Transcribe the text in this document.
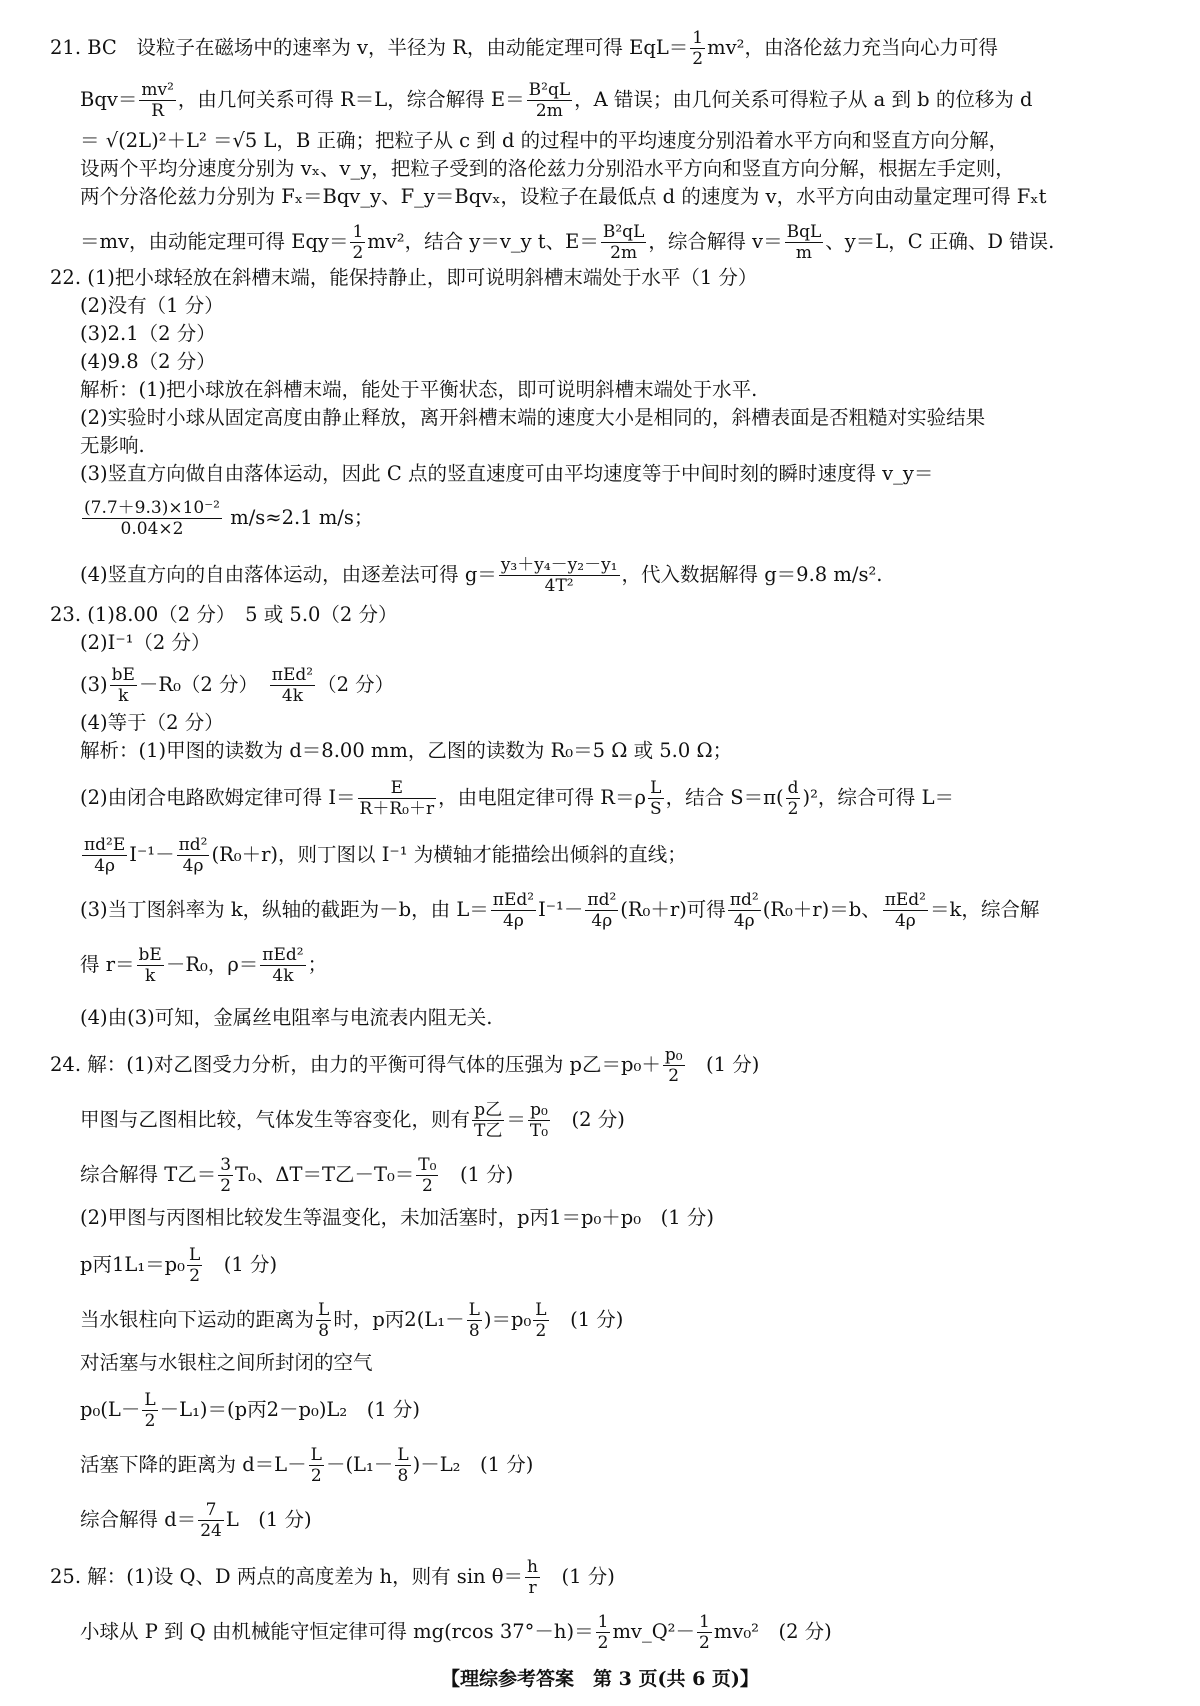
21. BC　设粒子在磁场中的速率为 v，半径为 R，由动能定理可得 $EqL= \frac{1}{2} mv^2$，由洛伦兹力充当向心力可得
$Bqv= \frac{\text{mv²}}{R}$ ，由几何关系可得 R＝L，综合解得 $E= \frac{\text{B²qL}}{2m}$ ，A 错误；由几何关系可得粒子从 a 到 b 的位移为 d
＝ √(2L)²＋L² ＝√5 L，B 正确；把粒子从 c 到 d 的过程中的平均速度分别沿着水平方向和竖直方向分解，
设两个平均分速度分别为 vₓ、v_y，把粒子受到的洛伦兹力分别沿水平方向和竖直方向分解，根据左手定则，
两个分洛伦兹力分别为 Fₓ＝Bqv_y、F_y＝Bqvₓ，设粒子在最低点 d 的速度为 v，水平方向由动量定理可得 Fₓt
＝mv，由动能定理可得 $Eqy= \frac{1}{2} mv^2$，结合 y＝v_y t、$E= \frac{\text{B²qL}}{2m}$ ，综合解得 $v= \frac{\text{BqL}}{m}$ 、y＝L，C 正确、D 错误.
22. (1)把小球轻放在斜槽末端，能保持静止，即可说明斜槽末端处于水平（1 分）
(2)没有（1 分）
(3)2.1（2 分）
(4)9.8（2 分）
解析：(1)把小球放在斜槽末端，能处于平衡状态，即可说明斜槽末端处于水平.
(2)实验时小球从固定高度由静止释放，离开斜槽末端的速度大小是相同的，斜槽表面是否粗糙对实验结果
无影响.
(3)竖直方向做自由落体运动，因此 C 点的竖直速度可由平均速度等于中间时刻的瞬时速度得 v_y＝
$\frac{\text{(7.7＋9.3)×10⁻²}}{0.04\times 2} m/s\approx 2.1$ m/s；
(4)竖直方向的自由落体运动，由逐差法可得 $g= \frac{\text{y₃＋y₄－y₂－y₁}}{\text{4T²}}$ ，代入数据解得 g＝9.8 m/s².
23. (1)8.00（2 分）　5 或 5.0（2 分）
(2)I⁻¹（2 分）
$(3) \frac{bE}{k} -R_0(2$ 分）　 $\frac{\text{πEd²}}{4k} (2$ 分）
(4)等于（2 分）
解析：(1)甲图的读数为 d＝8.00 mm，乙图的读数为 R₀＝5 Ω 或 5.0 Ω；
(2)由闭合电路欧姆定律可得 $I= \frac{E}{\text{R＋R₀＋r}}$ ，由电阻定律可得 $R=\rho \frac{L}{S}$ ，结合 $S=\pi( \frac{d}{2} )^2$，综合可得 L＝
$\frac{\text{πd²E}}{4\rho} I^{-1}- \frac{\text{πd²}}{4\rho} (R_0+r)$，则丁图以 I⁻¹ 为横轴才能描绘出倾斜的直线；
(3)当丁图斜率为 k，纵轴的截距为－b，由 $L= \frac{\text{πEd²}}{4\rho} I^{-1}- \frac{\text{πd²}}{4\rho} (R_0+r)$可得 $\frac{\text{πd²}}{4\rho} (R_0+r)=b$、 $\frac{\text{πEd²}}{4\rho} =k$，综合解
得 $r= \frac{bE}{k} -R_0$，$\rho= \frac{\text{πEd²}}{4k}$ ；
(4)由(3)可知，金属丝电阻率与电流表内阻无关.
24. 解：(1)对乙图受力分析，由力的平衡可得气体的压强为 p乙$=p_0+ \frac{\text{p₀}}{2}$ 　(1 分)
甲图与乙图相比较，气体发生等容变化，则有 $\frac{\text{p乙}}{\text{T乙}} = \frac{\text{p₀}}{\text{T₀}}$ 　(2 分)
综合解得 T乙＝ $\frac{3}{2} T_0$、ΔT＝T乙$-T_0= \frac{\text{T₀}}{2}$ 　(1 分)
(2)甲图与丙图相比较发生等温变化，未加活塞时，p丙1＝p₀＋p₀　(1 分)
p丙$1L_1=p_0 \frac{L}{2}$ 　(1 分)
当水银柱向下运动的距离为 $\frac{L}{8}$ 时，p丙$2(L_1- \frac{L}{8} )=p_0 \frac{L}{2}$ 　(1 分)
对活塞与水银柱之间所封闭的空气
$p_0(L- \frac{L}{2} -L_1)=(p$丙2－p₀)L₂　(1 分)
活塞下降的距离为 $d=L- \frac{L}{2} -(L_1- \frac{L}{8} )-L_2$　(1 分)
综合解得 $d= \frac{7}{24}$ L　(1 分)
25. 解：(1)设 Q、D 两点的高度差为 h，则有 $\sin \theta= \frac{h}{r}$ 　(1 分)
小球从 P 到 Q 由机械能守恒定律可得 mg(rcos $37^\circ-h)= \frac{1}{2}$ mv_Q²－ $\frac{1}{2} mv_0^2$　(2 分)
【理综参考答案　第 3 页(共 6 页)】
